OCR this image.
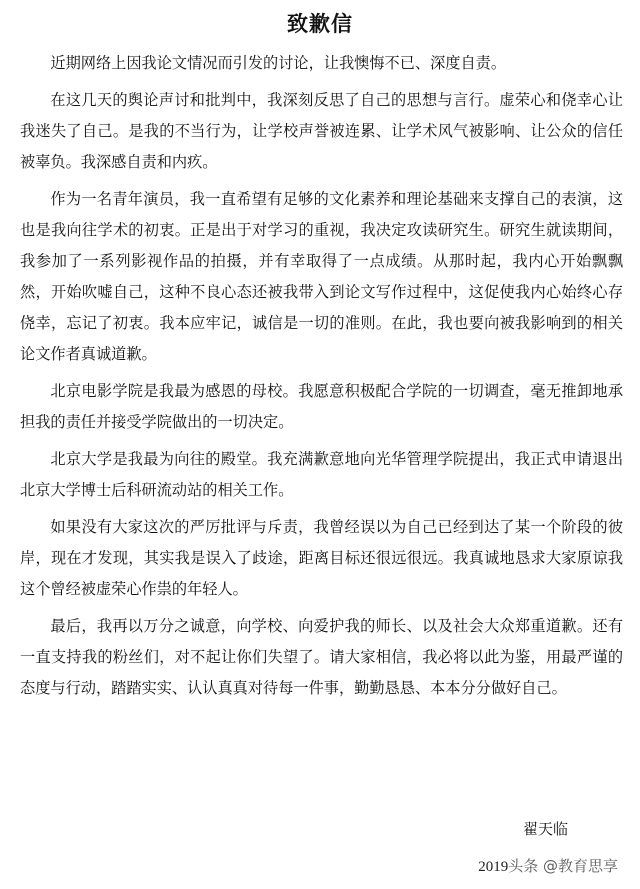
致歉信

近期网络上因我论文情况而引发的讨论，让我懊悔不已、深度自责。

在这几天的舆论声讨和批判中，我深刻反思了自己的思想与言行。虚荣心和侥幸心让我迷失了自己。是我的不当行为，让学校声誉被连累、让学术风气被影响、让公众的信任被辜负。我深感自责和内疚。

作为一名青年演员，我一直希望有足够的文化素养和理论基础来支撑自己的表演，这也是我向往学术的初衷。正是出于对学习的重视，我决定攻读研究生。研究生就读期间，我参加了一系列影视作品的拍摄，并有幸取得了一点成绩。从那时起，我内心开始飘飘然，开始吹嘘自己，这种不良心态还被我带入到论文写作过程中，这促使我内心始终心存侥幸，忘记了初衷。我本应牢记，诚信是一切的准则。在此，我也要向被我影响到的相关论文作者真诚道歉。

北京电影学院是我最为感恩的母校。我愿意积极配合学院的一切调查，毫无推卸地承担我的责任并接受学院做出的一切决定。

北京大学是我最为向往的殿堂。我充满歉意地向光华管理学院提出，我正式申请退出北京大学博士后科研流动站的相关工作。

如果没有大家这次的严厉批评与斥责，我曾经误以为自己已经到达了某一个阶段的彼岸，现在才发现，其实我是误入了歧途，距离目标还很远很远。我真诚地恳求大家原谅我这个曾经被虚荣心作祟的年轻人。

最后，我再以万分之诚意，向学校、向爱护我的师长、以及社会大众郑重道歉。还有一直支持我的粉丝们，对不起让你们失望了。请大家相信，我必将以此为鉴，用最严谨的态度与行动，踏踏实实、认认真真对待每一件事，勤勤恳恳、本本分分做好自己。

翟天临
2019头条 @教育思享
